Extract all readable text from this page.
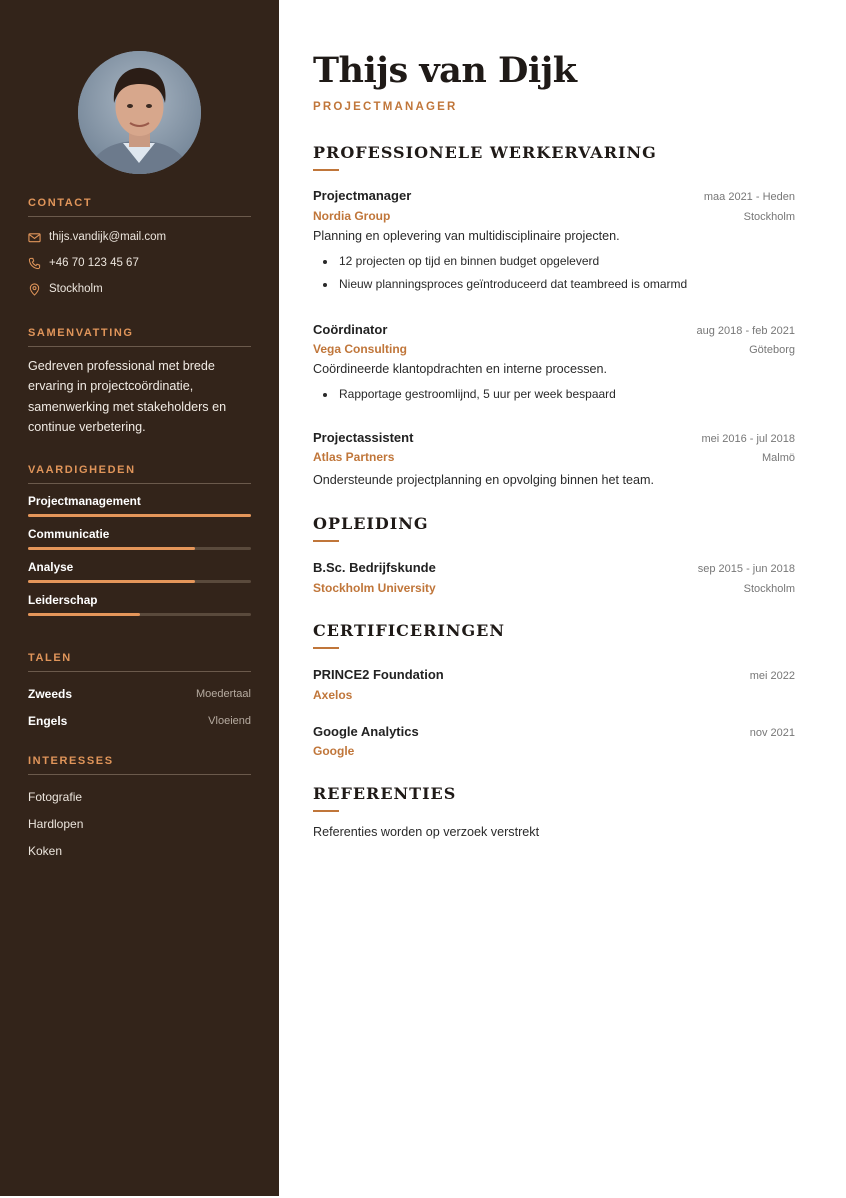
CONTACT
thijs.vandijk@mail.com
+46 70 123 45 67
Stockholm
SAMENVATTING

Gedreven professional met brede ervaring in projectcoördinatie, samenwerking met stakeholders en continue verbetering.

VAARDIGHEDEN
Projectmanagement
Communicatie
Analyse
Leiderschap
TALEN
Zweeds	Moedertaal
Engels	Vloeiend
INTERESSES
Fotografie
Hardlopen
Koken
Thijs van Dijk
PROJECTMANAGER
PROFESSIONELE WERKERVARING
Projectmanager	maa 2021 - Heden
Nordia Group	Stockholm

Planning en oplevering van multidisciplinaire projecten.

12 projecten op tijd en binnen budget opgeleverd
Nieuw planningsproces geïntroduceerd dat teambreed is omarmd
Coördinator	aug 2018 - feb 2021
Vega Consulting	Göteborg

Coördineerde klantopdrachten en interne processen.

Rapportage gestroomlijnd, 5 uur per week bespaard
Projectassistent	mei 2016 - jul 2018
Atlas Partners	Malmö

Ondersteunde projectplanning en opvolging binnen het team.

OPLEIDING
B.Sc. Bedrijfskunde	sep 2015 - jun 2018
Stockholm University	Stockholm
CERTIFICERINGEN
PRINCE2 Foundation	mei 2022
Axelos
Google Analytics	nov 2021
Google
REFERENTIES

Referenties worden op verzoek verstrekt
